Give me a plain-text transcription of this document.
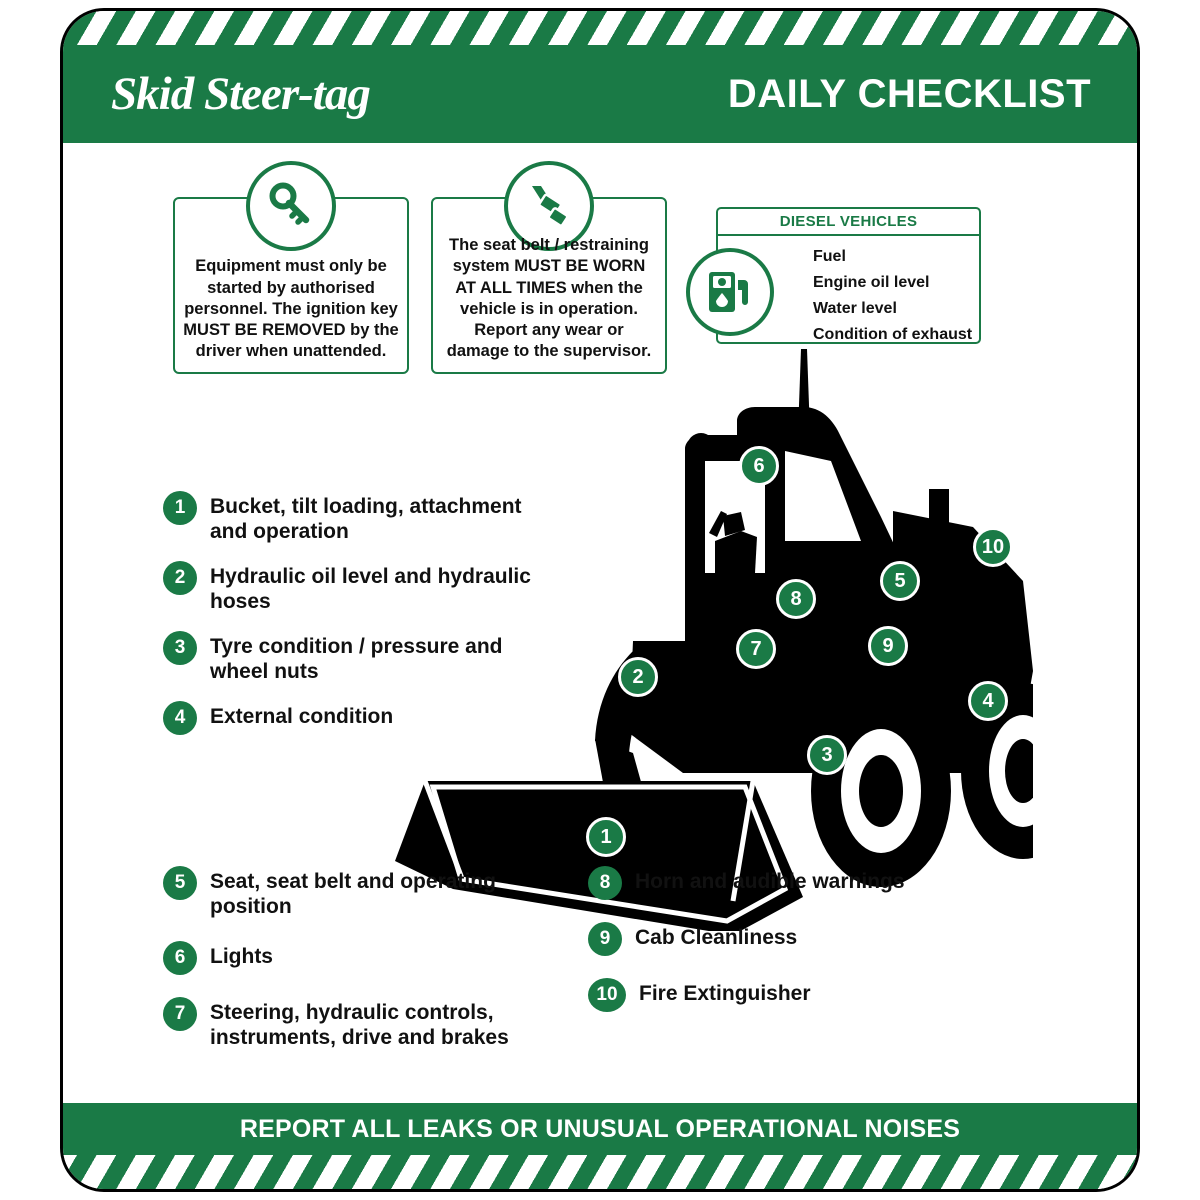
Skid Steer-tag	DAILY CHECKLIST
Equipment must only be started by authorised personnel. The ignition key MUST BE REMOVED by the driver when unattended.
The seat belt / restraining system MUST BE WORN AT ALL TIMES when the vehicle is in operation. Report any wear or damage to the supervisor.
DIESEL VEHICLES
Fuel
Engine oil level
Water level
Condition of exhaust
6
10
5
8
7	9
2
4
3
1
1	Bucket, tilt loading, attachment and operation
2	Hydraulic oil level and hydraulic hoses
3	Tyre condition / pressure and wheel nuts
4	External condition
5	Seat, seat belt and operating position
6	Lights
7	Steering, hydraulic controls, instruments, drive and brakes
8	Horn and audible warnings
9	Cab Cleanliness
10	Fire Extinguisher
REPORT ALL LEAKS OR UNUSUAL OPERATIONAL NOISES
